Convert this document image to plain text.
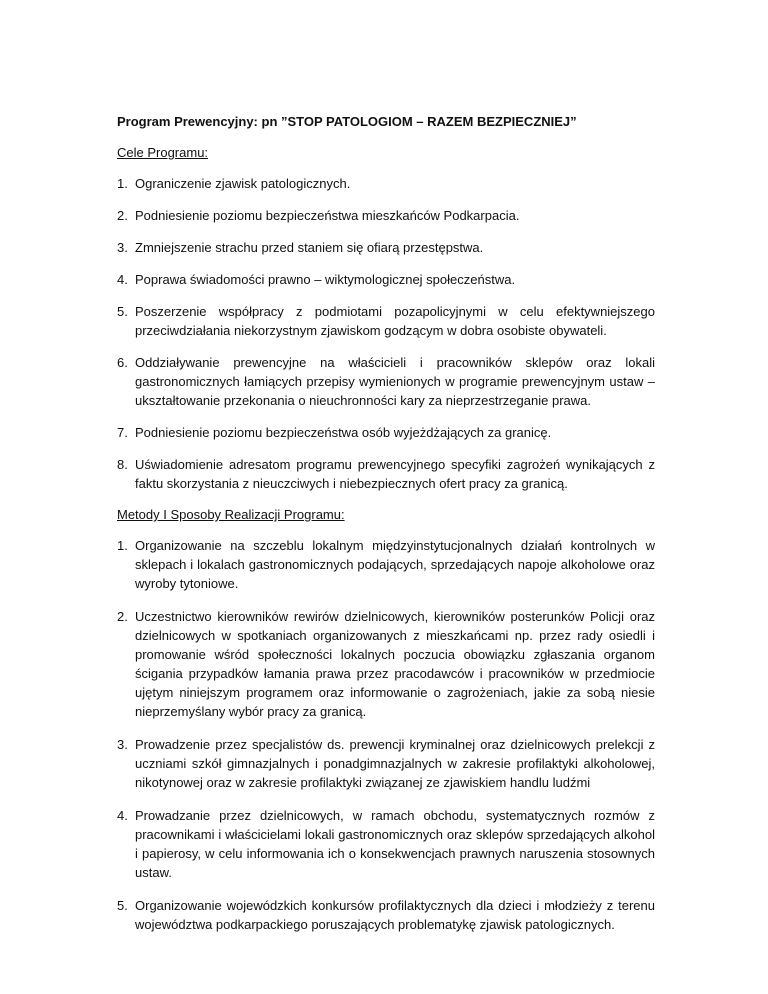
Program Prewencyjny: pn ”STOP PATOLOGIOM – RAZEM BEZPIECZNIEJ”
Cele Programu:
1. Ograniczenie zjawisk patologicznych.
2. Podniesienie poziomu bezpieczeństwa mieszkańców Podkarpacia.
3. Zmniejszenie strachu przed staniem się ofiarą przestępstwa.
4. Poprawa świadomości prawno – wiktymologicznej społeczeństwa.
5. Poszerzenie współpracy z podmiotami pozapolicyjnymi w celu efektywniejszego przeciwdziałania niekorzystnym zjawiskom godzącym w dobra osobiste obywateli.
6. Oddziaływanie prewencyjne na właścicieli i pracowników sklepów oraz lokali gastronomicznych łamiących przepisy wymienionych w programie prewencyjnym ustaw – ukształtowanie przekonania o nieuchronności kary za nieprzestrzeganie prawa.
7. Podniesienie poziomu bezpieczeństwa osób wyjeżdżających za granicę.
8. Uświadomienie adresatom programu prewencyjnego specyfiki zagrożeń wynikających z faktu skorzystania z nieuczciwych i niebezpiecznych ofert pracy za granicą.
Metody I Sposoby Realizacji Programu:
1. Organizowanie na szczeblu lokalnym międzyinstytucjonalnych działań kontrolnych w sklepach i lokalach gastronomicznych podających, sprzedających napoje alkoholowe oraz wyroby tytoniowe.
2. Uczestnictwo kierowników rewirów dzielnicowych, kierowników posterunków Policji oraz dzielnicowych w spotkaniach organizowanych z mieszkańcami np. przez rady osiedli i promowanie wśród społeczności lokalnych poczucia obowiązku zgłaszania organom ścigania przypadków łamania prawa przez pracodawców i pracowników w przedmiocie ujętym niniejszym programem oraz informowanie o zagrożeniach, jakie za sobą niesie nieprzemyślany wybór pracy za granicą.
3. Prowadzenie przez specjalistów ds. prewencji kryminalnej oraz dzielnicowych prelekcji z uczniami szkół gimnazjalnych i ponadgimnazjalnych w zakresie profilaktyki alkoholowej, nikotynowej oraz w zakresie profilaktyki związanej ze zjawiskiem handlu ludźmi
4. Prowadzanie przez dzielnicowych, w ramach obchodu, systematycznych rozmów z pracownikami i właścicielami lokali gastronomicznych oraz sklepów sprzedających alkohol i papierosy, w celu informowania ich o konsekwencjach prawnych naruszenia stosownych ustaw.
5. Organizowanie wojewódzkich konkursów profilaktycznych dla dzieci i młodzieży z terenu województwa podkarpackiego poruszających problematykę zjawisk patologicznych.
